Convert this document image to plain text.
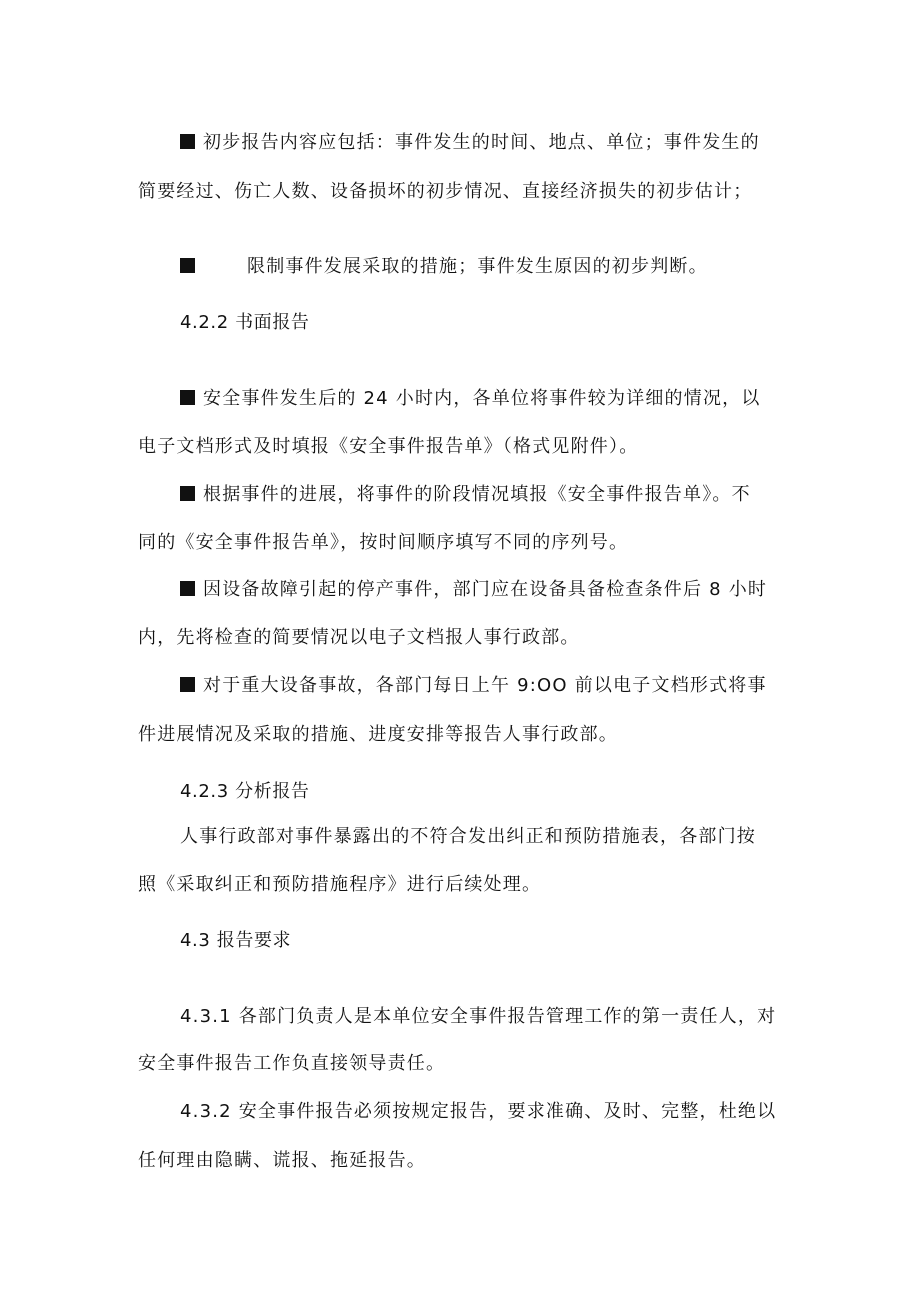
初步报告内容应包括：事件发生的时间、地点、单位；事件发生的
简要经过、伤亡人数、设备损坏的初步情况、直接经济损失的初步估计；
限制事件发展采取的措施；事件发生原因的初步判断。
4.2.2 书面报告
安全事件发生后的 24 小时内，各单位将事件较为详细的情况，以
电子文档形式及时填报《安全事件报告单》（格式见附件）。
根据事件的进展，将事件的阶段情况填报《安全事件报告单》。不
同的《安全事件报告单》，按时间顺序填写不同的序列号。
因设备故障引起的停产事件，部门应在设备具备检查条件后 8 小时
内，先将检查的简要情况以电子文档报人事行政部。
对于重大设备事故，各部门每日上午 9:OO 前以电子文档形式将事
件进展情况及采取的措施、进度安排等报告人事行政部。
4.2.3 分析报告
人事行政部对事件暴露出的不符合发出纠正和预防措施表，各部门按
照《采取纠正和预防措施程序》进行后续处理。
4.3 报告要求
4.3.1 各部门负责人是本单位安全事件报告管理工作的第一责任人，对
安全事件报告工作负直接领导责任。
4.3.2 安全事件报告必须按规定报告，要求准确、及时、完整，杜绝以
任何理由隐瞒、谎报、拖延报告。
